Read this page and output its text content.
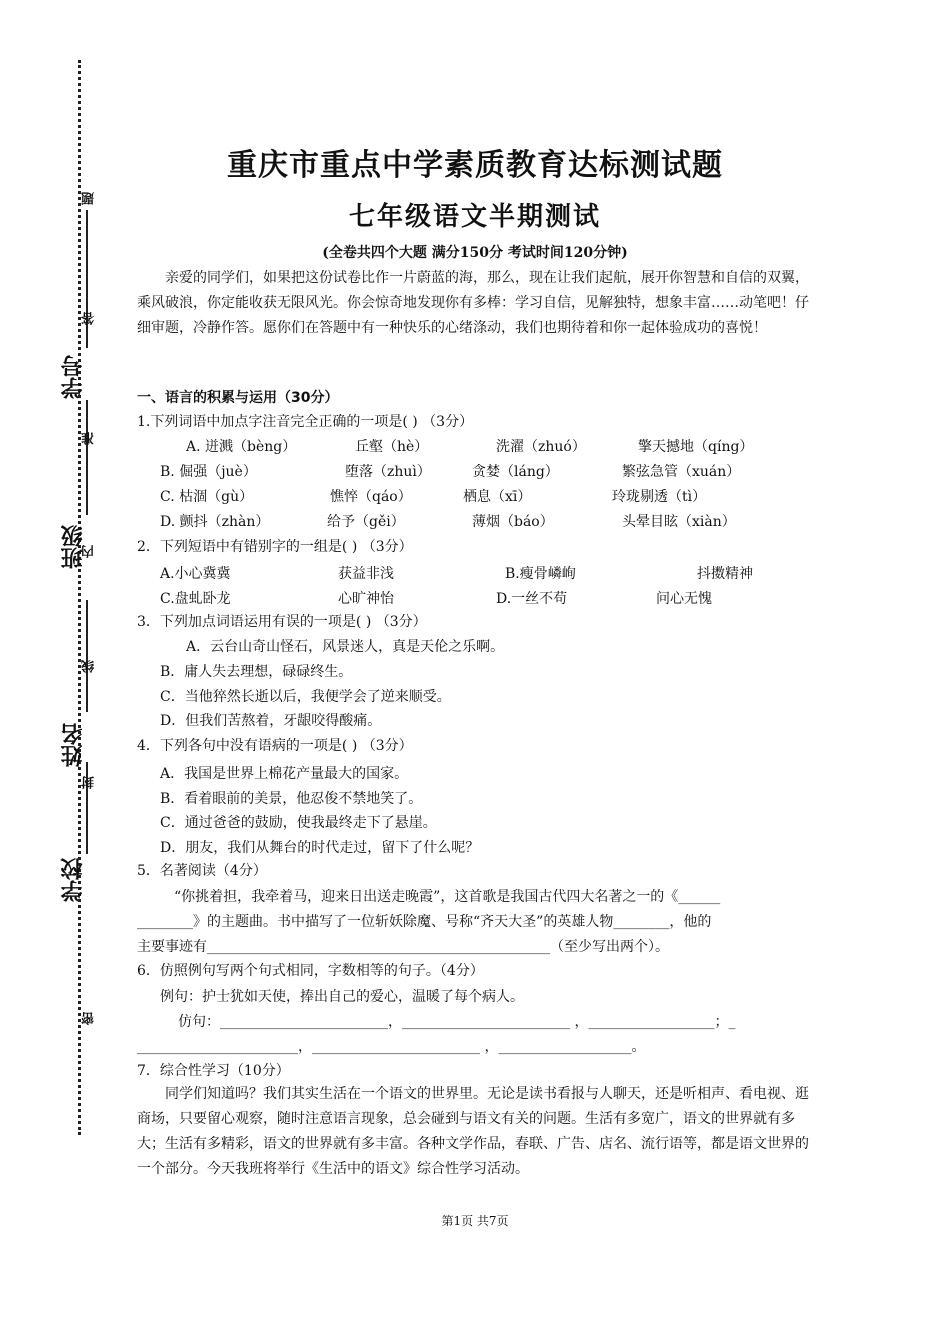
学校
姓名
班级
学号
密
封
线
内
准
答
题
重庆市重点中学素质教育达标测试题
七年级语文半期测试
(全卷共四个大题 满分150分 考试时间120分钟)
亲爱的同学们，如果把这份试卷比作一片蔚蓝的海，那么，现在让我们起航，展开你智慧和自信的双翼，乘风破浪，你定能收获无限风光。你会惊奇地发现你有多棒：学习自信，见解独特，想象丰富……动笔吧！仔细审题，冷静作答。愿你们在答题中有一种快乐的心绪涤动，我们也期待着和你一起体验成功的喜悦！
一、语言的积累与运用（30分）
1.下列词语中加点字注音完全正确的一项是( ) （3分）
A. 迸溅（bèng）	丘壑（hè）	洗濯（zhuó）	擎天撼地（qíng）
B. 倔强（juè）	堕落（zhuì）	贪婪（láng）	繁弦急管（xuán）
C. 枯涸（gù）	憔悴（qáo）	栖息（xī）	玲珑剔透（tì）
D. 颤抖（zhàn）	给予（gěi）	薄烟（báo）	头晕目眩（xiàn）
2．下列短语中有错别字的一组是( ) （3分）
A.小心冀冀	获益非浅	B.瘦骨嶙峋	抖擞精神
C.盘虬卧龙	心旷神怡	D.一丝不苟	问心无愧
3．下列加点词语运用有误的一项是( ) （3分）
A．云台山奇山怪石，风景迷人，真是天伦之乐啊。
B．庸人失去理想，碌碌终生。
C．当他猝然长逝以后，我便学会了逆来顺受。
D．但我们苦熬着，牙龈咬得酸痛。
4．下列各句中没有语病的一项是( ) （3分）
A．我国是世界上棉花产量最大的国家。
B．看着眼前的美景，他忍俊不禁地笑了。
C．通过爸爸的鼓励，使我最终走下了悬崖。
D．朋友，我们从舞台的时代走过，留下了什么呢？
5．名著阅读（4分）
“你挑着担，我牵着马，迎来日出送走晚霞”，这首歌是我国古代四大名著之一的《______
________》的主题曲。书中描写了一位斩妖除魔、号称“齐天大圣”的英雄人物________，他的
主要事迹有_________________________________________________（至少写出两个）。
6．仿照例句写两个句式相同，字数相等的句子。（4分）
例句：护士犹如天使，捧出自己的爱心，温暖了每个病人。
仿句：________________________，________________________ ，__________________；_
_______________________，________________________ ，___________________。
7．综合性学习（10分）
同学们知道吗？我们其实生活在一个语文的世界里。无论是读书看报与人聊天，还是听相声、看电视、逛商场，只要留心观察，随时注意语言现象，总会碰到与语文有关的问题。生活有多宽广，语文的世界就有多大；生活有多精彩，语文的世界就有多丰富。各种文学作品，春联、广告、店名、流行语等，都是语文世界的一个部分。今天我班将举行《生活中的语文》综合性学习活动。
第1页 共7页
